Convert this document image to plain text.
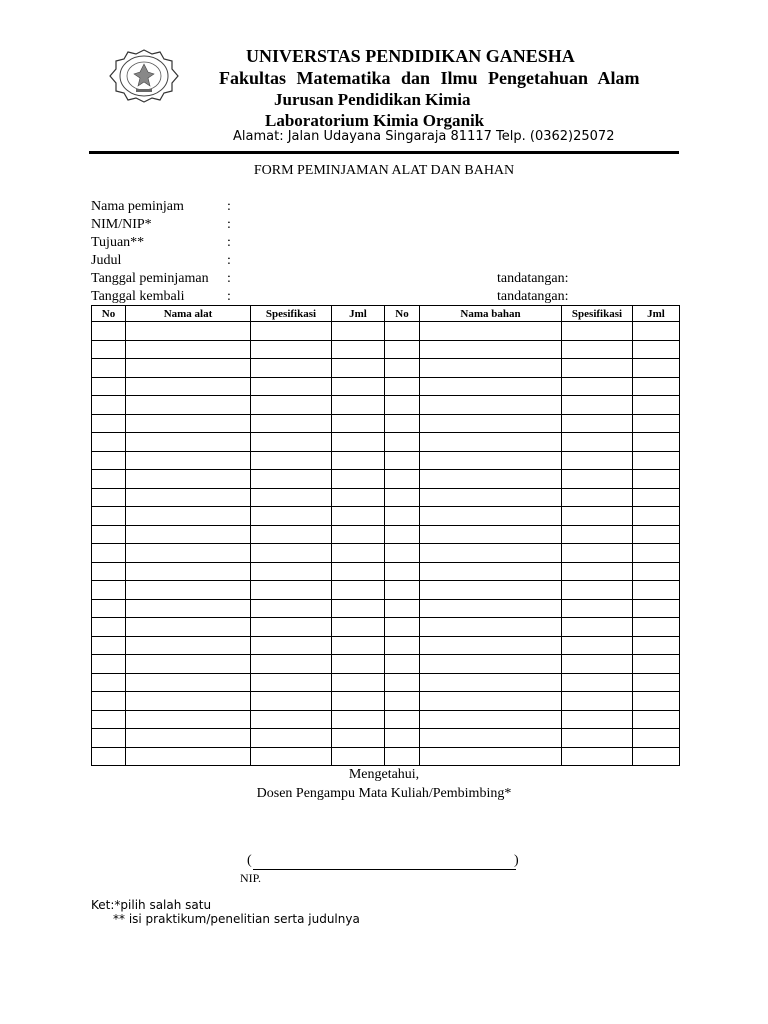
UNIVERSTAS PENDIDIKAN GANESHA
Fakultas Matematika dan Ilmu Pengetahuan Alam
Jurusan Pendidikan Kimia
Laboratorium Kimia Organik
Alamat: Jalan Udayana Singaraja 81117 Telp. (0362)25072
FORM PEMINJAMAN ALAT DAN BAHAN
Nama peminjam	:
NIM/NIP*	:
Tujuan**	:
Judul	:
Tanggal peminjaman :	tandatangan:
Tanggal kembali	:	tandatangan:
No	Nama alat	Spesifikasi	Jml	No	Nama bahan	Spesifikasi	Jml

Mengetahui,
Dosen Pengampu Mata Kuliah/Pembimbing*
(	)
NIP.
Ket:*pilih salah satu
** isi praktikum/penelitian serta judulnya
